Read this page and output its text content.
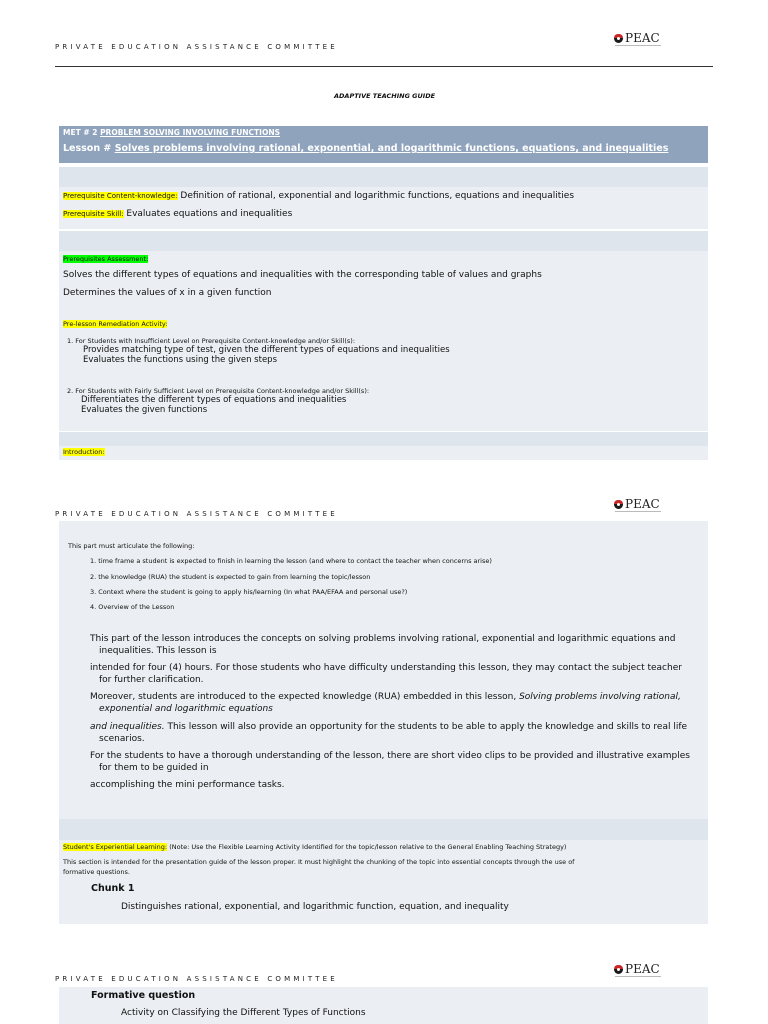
PRIVATE EDUCATION ASSISTANCE COMMITTEE
PEAC
ADAPTIVE TEACHING GUIDE
MET # 2 PROBLEM SOLVING INVOLVING FUNCTIONS
Lesson # Solves problems involving rational, exponential, and logarithmic functions, equations, and inequalities
Prerequisite Content-knowledge: Definition of rational, exponential and logarithmic functions, equations and inequalities
Prerequisite Skill: Evaluates equations and inequalities
Prerequisites Assessment:
Solves the different types of equations and inequalities with the corresponding table of values and graphs
Determines the values of x in a given function
Pre-lesson Remediation Activity:
1. For Students with Insufficient Level on Prerequisite Content-knowledge and/or Skill(s):
Provides matching type of test, given the different types of equations and inequalities
Evaluates the functions using the given steps
2. For Students with Fairly Sufficient Level on Prerequisite Content-knowledge and/or Skill(s):
Differentiates the different types of equations and inequalities
Evaluates the given functions
Introduction:
PRIVATE EDUCATION ASSISTANCE COMMITTEE
PEAC
This part must articulate the following:
1. time frame a student is expected to finish in learning the lesson (and where to contact the teacher when concerns arise)
2. the knowledge (RUA) the student is expected to gain from learning the topic/lesson
3. Context where the student is going to apply his/learning (In what PAA/EFAA and personal use?)
4. Overview of the Lesson
This part of the lesson introduces the concepts on solving problems involving rational, exponential and logarithmic equations and
inequalities. This lesson is
intended for four (4) hours. For those students who have difficulty understanding this lesson, they may contact the subject teacher
for further clarification.
Moreover, students are introduced to the expected knowledge (RUA) embedded in this lesson, Solving problems involving rational,
exponential and logarithmic equations
and inequalities. This lesson will also provide an opportunity for the students to be able to apply the knowledge and skills to real life
scenarios.
For the students to have a thorough understanding of the lesson, there are short video clips to be provided and illustrative examples
for them to be guided in
accomplishing the mini performance tasks.
Student's Experiential Learning: (Note: Use the Flexible Learning Activity Identified for the topic/lesson relative to the General Enabling Teaching Strategy)
This section is intended for the presentation guide of the lesson proper. It must highlight the chunking of the topic into essential concepts through the use of
formative questions.
Chunk 1
Distinguishes rational, exponential, and logarithmic function, equation, and inequality
PRIVATE EDUCATION ASSISTANCE COMMITTEE
PEAC
Formative question
Activity on Classifying the Different Types of Functions
